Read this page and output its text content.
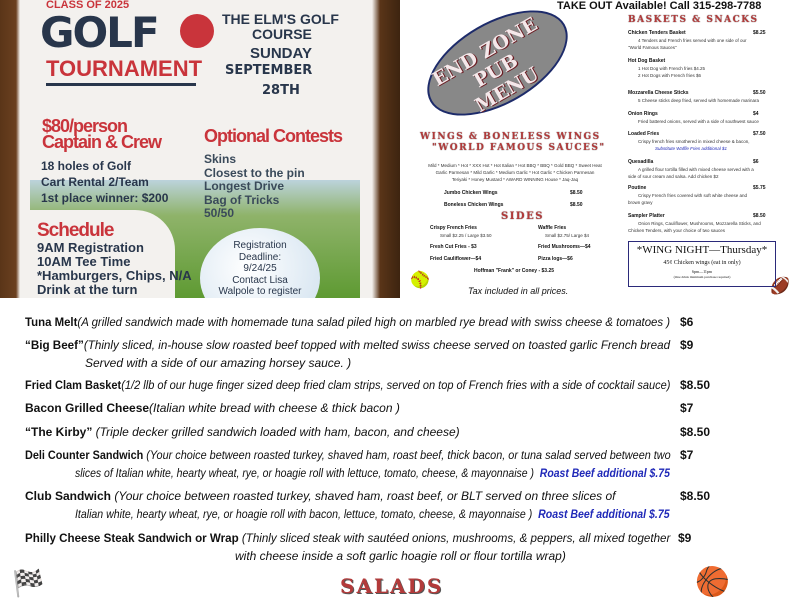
CLASS OF 2025
GOLF
TOURNAMENT
THE ELM'S GOLF
COURSE
SUNDAY
SEPTEMBER
28TH
$80/person
Captain & Crew Optional Contests
Schedule
18 holes of Golf
Cart Rental 2/Team
1st place winner: $200
Skins
Closest to the pin
Longest Drive
Bag of Tricks
50/50
9AM Registration
10AM Tee Time
*Hamburgers, Chips, N/A
Drink at the turn
Registration
Deadline:
9/24/25
Contact Lisa
Walpole to register
TAKE OUT Available! Call 315-298-7788
BASKETS & SNACKS
WINGS & BONELESS WINGS
"WORLD FAMOUS SAUCES"
SIDES
Hoffman "Frank" or Coney - $3.25
🥎
Tax included in all prices.	🏈
Chicken Tenders Basket	$8.25
4 Tenders and French fries served with one side of our
"World Famous Sauces"
Hot Dog Basket
1 Hot Dog with French fries $4.25
2 Hot Dogs with French fries $6
Mozzarella Cheese Sticks	$5.50
5 Cheese sticks deep fried, served with homemade marinara
Onion Rings	$4
Fried battered onions, served with a side of southwest sauce
Loaded Fries	$7.50
Crispy french fries smothered in mixed cheese & bacon,
Substitute Waffle Fries additional $1
Quesadilla	$6
A grilled flour tortilla filled with mixed cheese served with a
side of sour cream and salsa. Add chicken $2
Poutine	$5.75
Crispy French fries covered with soft white cheese and
brown gravy
Sampler Platter	$8.50
Onion Rings, Cauliflower, Mushrooms, Mozzarella Sticks, and
Chicken Tenders, with your choice of two sauces
Mild * Medium * Hot * XXX Hot * Hot Italian * Hot BBQ * BBQ * Gold BBQ * Sweet Heat
Garlic Parmesan * Mild Garlic * Medium Garlic * Hot Garlic * Chicken Parmesan
Teriyaki * Honey Mustard * AWARD WINNING House * Jaq-Jaq
Jumbo Chicken Wings	$8.50
Boneless Chicken Wings	$8.50
Crispy French Fries
Small $2.25 / Large $3.50
Waffle Fries
Small $2.75/ Large $4
Fresh Cut Fries - $3	Fried Mushrooms—$4
Fried Cauliflower—$4	Pizza logs—$6
END ZONE PUB MENU
*WING NIGHT—Thursday*
45¢ Chicken wings (eat in only)
6pm—11pm
(One drink minimum purchase required)
Tuna Melt(A grilled sandwich made with homemade tuna salad piled high on marbled rye bread with swiss cheese & tomatoes ) $6
“Big Beef”(Thinly sliced, in-house slow roasted beef topped with melted swiss cheese served on toasted garlic French bread $9
Served with a side of our amazing horsey sauce. )
Fried Clam Basket(1/2 llb of our huge finger sized deep fried clam strips, served on top of French fries with a side of cocktail sauce) $8.50
Bacon Grilled Cheese(Italian white bread with cheese & thick bacon )	$7
“The Kirby” (Triple decker grilled sandwich loaded with ham, bacon, and cheese)	$8.50
Deli Counter Sandwich (Your choice between roasted turkey, shaved ham, roast beef, thick bacon, or tuna salad served between two $7
slices of Italian white, hearty wheat, rye, or hoagie roll with lettuce, tomato, cheese, & mayonnaise ) Roast Beef additional $.75
Club Sandwich (Your choice between roasted turkey, shaved ham, roast beef, or BLT served on three slices of	$8.50
Italian white, hearty wheat, rye, or hoagie roll with bacon, lettuce, tomato, cheese, & mayonnaise ) Roast Beef additional $.75
Philly Cheese Steak Sandwich or Wrap (Thinly sliced steak with sautéed onions, mushrooms, & peppers, all mixed together $9
with cheese inside a soft garlic hoagie roll or flour tortilla wrap)
🏁	SALADS	🏀
